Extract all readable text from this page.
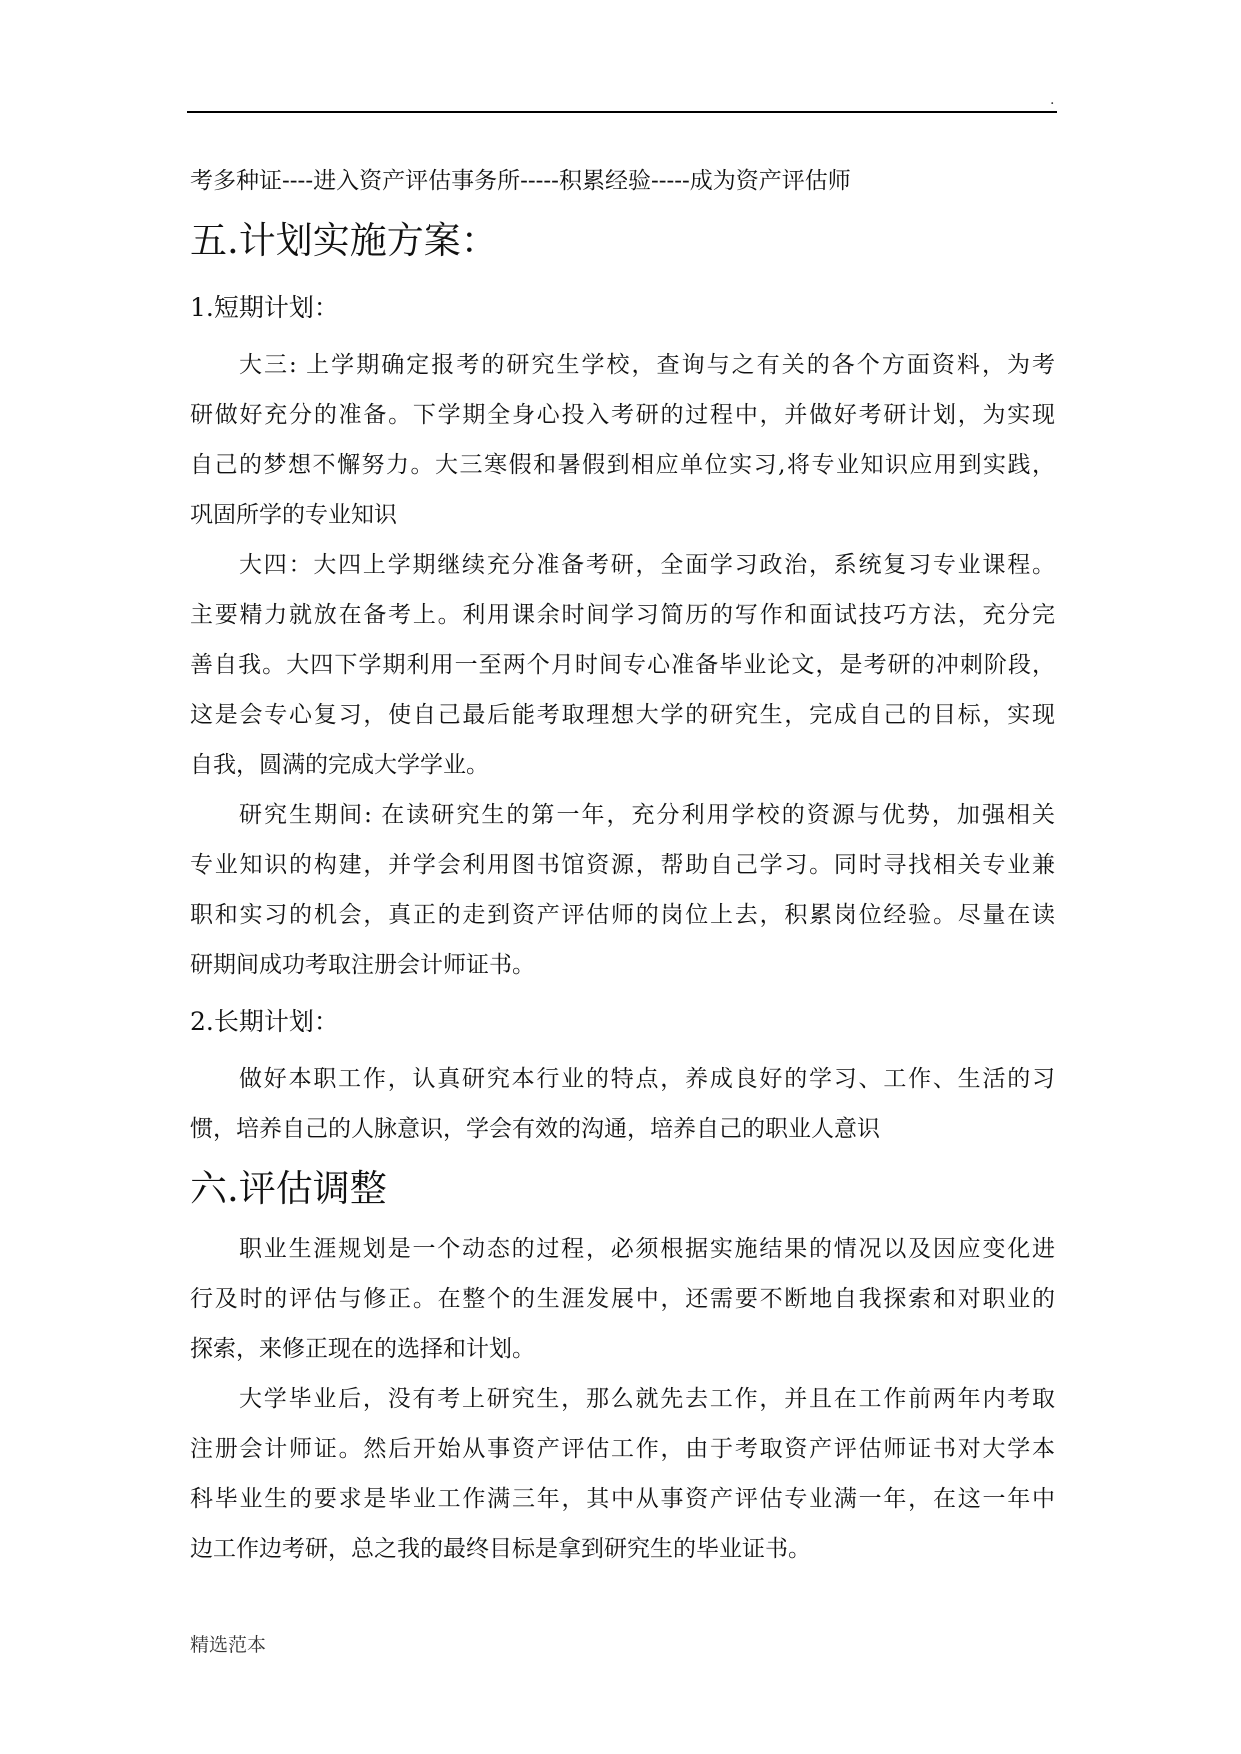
.

考多种证----进入资产评估事务所-----积累经验-----成为资产评估师

五.计划实施方案：
1.短期计划：

大三: 上学期确定报考的研究生学校，查询与之有关的各个方面资料，为考

研做好充分的准备。下学期全身心投入考研的过程中，并做好考研计划，为实现

自己的梦想不懈努力。大三寒假和暑假到相应单位实习,将专业知识应用到实践，

巩固所学的专业知识

大四：大四上学期继续充分准备考研，全面学习政治，系统复习专业课程。

主要精力就放在备考上。利用课余时间学习简历的写作和面试技巧方法，充分完

善自我。大四下学期利用一至两个月时间专心准备毕业论文，是考研的冲刺阶段，

这是会专心复习，使自己最后能考取理想大学的研究生，完成自己的目标，实现

自我，圆满的完成大学学业。

研究生期间: 在读研究生的第一年，充分利用学校的资源与优势，加强相关

专业知识的构建，并学会利用图书馆资源，帮助自己学习。同时寻找相关专业兼

职和实习的机会，真正的走到资产评估师的岗位上去，积累岗位经验。尽量在读

研期间成功考取注册会计师证书。

2.长期计划：

做好本职工作，认真研究本行业的特点，养成良好的学习、工作、生活的习

惯，培养自己的人脉意识，学会有效的沟通，培养自己的职业人意识

六.评估调整

职业生涯规划是一个动态的过程，必须根据实施结果的情况以及因应变化进

行及时的评估与修正。在整个的生涯发展中，还需要不断地自我探索和对职业的

探索，来修正现在的选择和计划。

大学毕业后，没有考上研究生，那么就先去工作，并且在工作前两年内考取

注册会计师证。然后开始从事资产评估工作，由于考取资产评估师证书对大学本

科毕业生的要求是毕业工作满三年，其中从事资产评估专业满一年，在这一年中

边工作边考研，总之我的最终目标是拿到研究生的毕业证书。

精选范本
